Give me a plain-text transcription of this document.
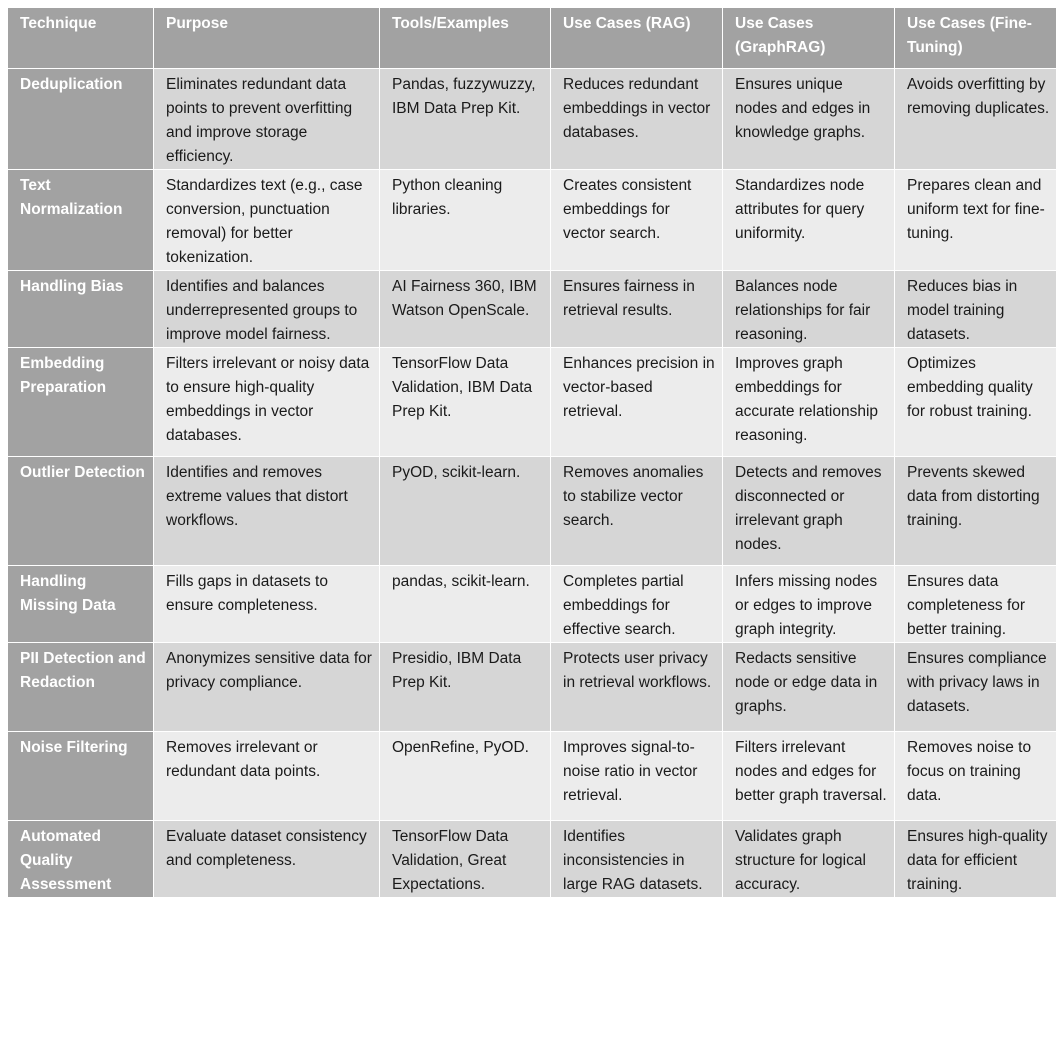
Technique	Purpose	Tools/Examples	Use Cases (RAG)	Use Cases (GraphRAG)	Use Cases (Fine-Tuning)
Deduplication	Eliminates redundant data points to prevent overfitting and improve storage efficiency.	Pandas, fuzzywuzzy, IBM Data Prep Kit.	Reduces redundant embeddings in vector databases.	Ensures unique nodes and edges in knowledge graphs.	Avoids overfitting by removing duplicates.
Text Normalization	Standardizes text (e.g., case conversion, punctuation removal) for better tokenization.	Python cleaning libraries.	Creates consistent embeddings for vector search.	Standardizes node attributes for query uniformity.	Prepares clean and uniform text for fine-tuning.
Handling Bias	Identifies and balances underrepresented groups to improve model fairness.	AI Fairness 360, IBM Watson OpenScale.	Ensures fairness in retrieval results.	Balances node relationships for fair reasoning.	Reduces bias in model training datasets.
Embedding Preparation	Filters irrelevant or noisy data to ensure high-quality embeddings in vector databases.	TensorFlow Data Validation, IBM Data Prep Kit.	Enhances precision in vector-based retrieval.	Improves graph embeddings for accurate relationship reasoning.	Optimizes embedding quality for robust training.
Outlier Detection	Identifies and removes extreme values that distort workflows.	PyOD, scikit-learn.	Removes anomalies to stabilize vector search.	Detects and removes disconnected or irrelevant graph nodes.	Prevents skewed data from distorting training.
Handling Missing Data	Fills gaps in datasets to ensure completeness.	pandas, scikit-learn.	Completes partial embeddings for effective search.	Infers missing nodes or edges to improve graph integrity.	Ensures data completeness for better training.
PII Detection and Redaction	Anonymizes sensitive data for privacy compliance.	Presidio, IBM Data Prep Kit.	Protects user privacy in retrieval workflows.	Redacts sensitive node or edge data in graphs.	Ensures compliance with privacy laws in datasets.
Noise Filtering	Removes irrelevant or redundant data points.	OpenRefine, PyOD.	Improves signal-to-noise ratio in vector retrieval.	Filters irrelevant nodes and edges for better graph traversal.	Removes noise to focus on training data.
Automated Quality Assessment	Evaluate dataset consistency and completeness.	TensorFlow Data Validation, Great Expectations.	Identifies inconsistencies in large RAG datasets.	Validates graph structure for logical accuracy.	Ensures high-quality data for efficient training.
